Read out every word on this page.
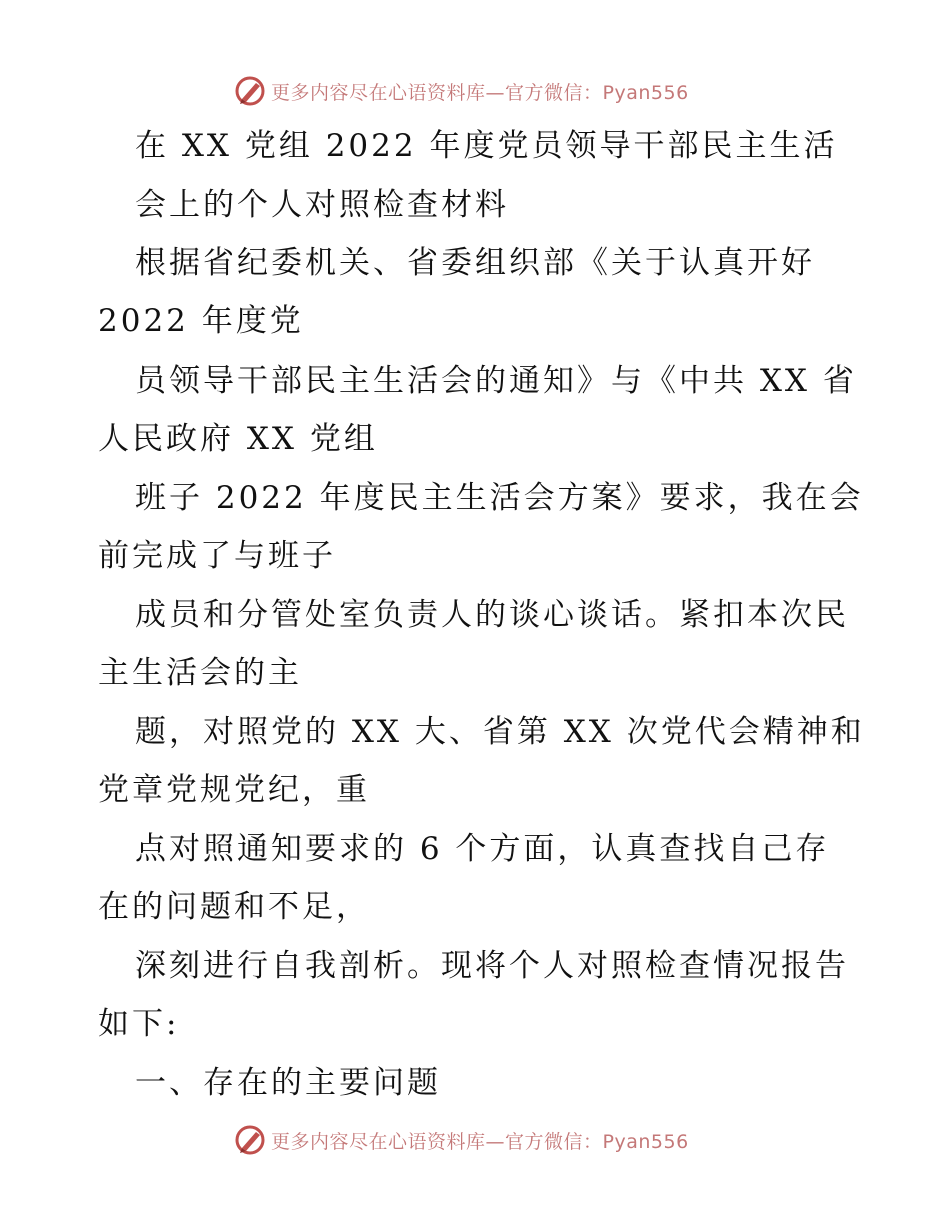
更多内容尽在心语资料库—官方微信：Pyan556
在 XX 党组 2022 年度党员领导干部民主生活
会上的个人对照检查材料
根据省纪委机关、省委组织部《关于认真开好
2022 年度党
员领导干部民主生活会的通知》与《中共 XX 省
人民政府 XX 党组
班子 2022 年度民主生活会方案》要求，我在会
前完成了与班子
成员和分管处室负责人的谈心谈话。紧扣本次民
主生活会的主
题，对照党的 XX 大、省第 XX 次党代会精神和
党章党规党纪，重
点对照通知要求的 6 个方面，认真查找自己存
在的问题和不足，
深刻进行自我剖析。现将个人对照检查情况报告
如下:
一、存在的主要问题
更多内容尽在心语资料库—官方微信：Pyan556
